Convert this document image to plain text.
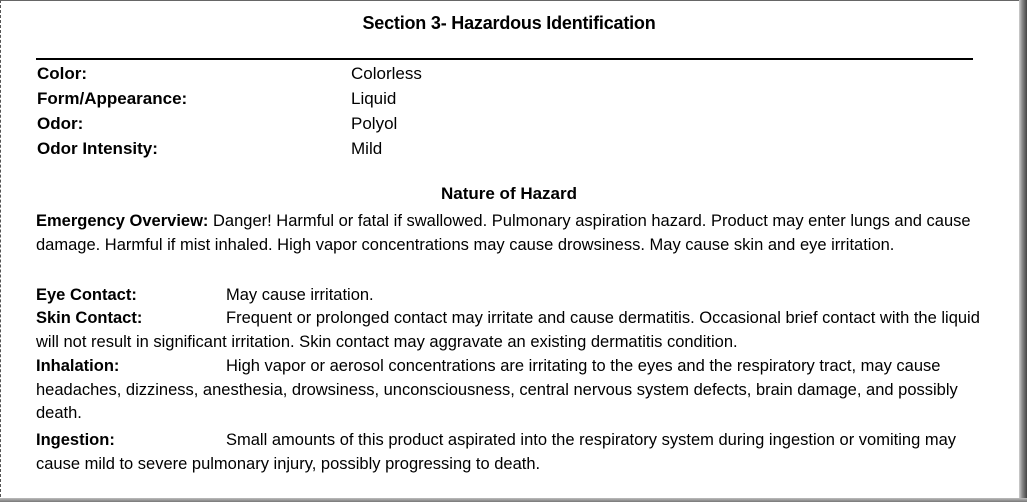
Section 3- Hazardous Identification
Color:	Colorless
Form/Appearance:	Liquid
Odor:	Polyol
Odor Intensity:	Mild
Nature of Hazard
Emergency Overview: Danger! Harmful or fatal if swallowed. Pulmonary aspiration hazard. Product may enter lungs and cause damage. Harmful if mist inhaled. High vapor concentrations may cause drowsiness. May cause skin and eye irritation.
Eye Contact:	May cause irritation.
Skin Contact:	Frequent or prolonged contact may irritate and cause dermatitis. Occasional brief contact with the liquid will not result in significant irritation. Skin contact may aggravate an existing dermatitis condition.
Inhalation:	High vapor or aerosol concentrations are irritating to the eyes and the respiratory tract, may cause headaches, dizziness, anesthesia, drowsiness, unconsciousness, central nervous system defects, brain damage, and possibly death.
Ingestion:	Small amounts of this product aspirated into the respiratory system during ingestion or vomiting may cause mild to severe pulmonary injury, possibly progressing to death.
